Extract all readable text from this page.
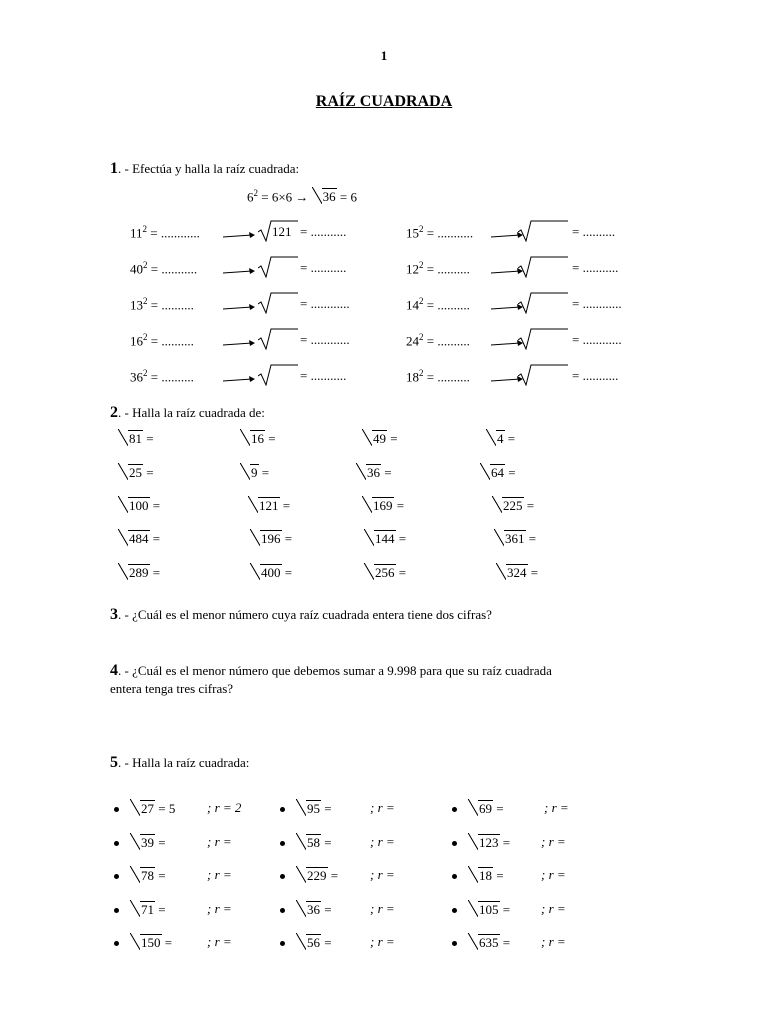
1
RAÍZ CUADRADA
1. - Efectúa y halla la raíz cuadrada:
$6^2 = 6\times 6 \to 36 = 6$
$11^2$ = ............	121 = ...........	$15^2$ = ...........	= ..........
$40^2$ = ...........	= ...........	$12^2$ = ..........	= ...........
$13^2$ = ..........	= ............	$14^2$ = ..........	= ............
$16^2$ = ..........	= ............	$24^2$ = ..........	= ............
$36^2$ = ..........	= ...........	$18^2$ = ..........	= ...........
2. - Halla la raíz cuadrada de:
81 =	16 =	49 =	4 =
25 =	9 =	36 =	64 =
100 =	121 =	169 =	225 =
484 =	196 =	144 =	361 =
289 =	400 =	256 =	324 =
3. - ¿Cuál es el menor número cuya raíz cuadrada entera tiene dos cifras?
4. - ¿Cuál es el menor número que debemos sumar a 9.998 para que su raíz cuadrada
entera tenga tres cifras?
5. - Halla la raíz cuadrada:
27 = 5 ; r = 2	95 =	; r =	69 =	; r =
39 =	; r =	58 =	; r =	123 = ; r =
78 =	; r =	229 = ; r =	18 =	; r =
71 =	; r =	36 =	; r =	105 = ; r =
150 =	; r =	56 =	; r =	635 = ; r =
